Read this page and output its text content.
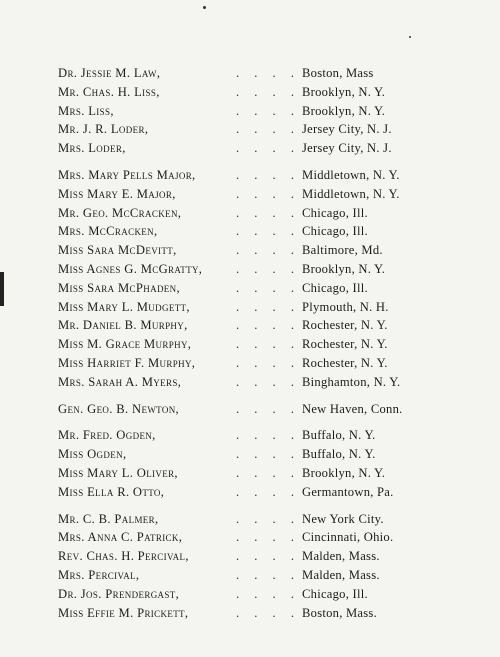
Dr. Jessie M. Law,	. . . . Boston, Mass
Mr. Chas. H. Liss,	. . . . Brooklyn, N. Y.
Mrs. Liss,	. . . . Brooklyn, N. Y.
Mr. J. R. Loder,	. . . . Jersey City, N. J.
Mrs. Loder,	. . . . Jersey City, N. J.
Mrs. Mary Pells Major,	. . . . Middletown, N. Y.
Miss Mary E. Major,	. . . . Middletown, N. Y.
Mr. Geo. McCracken,	. . . . Chicago, Ill.
Mrs. McCracken,	. . . . Chicago, Ill.
Miss Sara McDevitt,	. . . . Baltimore, Md.
Miss Agnes G. McGratty,	. . . . Brooklyn, N. Y.
Miss Sara McPhaden,	. . . . Chicago, Ill.
Miss Mary L. Mudgett,	. . . . Plymouth, N. H.
Mr. Daniel B. Murphy,	. . . . Rochester, N. Y.
Miss M. Grace Murphy,	. . . . Rochester, N. Y.
Miss Harriet F. Murphy,	. . . . Rochester, N. Y.
Mrs. Sarah A. Myers,	. . . . Binghamton, N. Y.
Gen. Geo. B. Newton,	. . . . New Haven, Conn.
Mr. Fred. Ogden,	. . . . Buffalo, N. Y.
Miss Ogden,	. . . . Buffalo, N. Y.
Miss Mary L. Oliver,	. . . . Brooklyn, N. Y.
Miss Ella R. Otto,	. . . . Germantown, Pa.
Mr. C. B. Palmer,	. . . . New York City.
Mrs. Anna C. Patrick,	. . . . Cincinnati, Ohio.
Rev. Chas. H. Percival,	. . . . Malden, Mass.
Mrs. Percival,	. . . . Malden, Mass.
Dr. Jos. Prendergast,	. . . . Chicago, Ill.
Miss Effie M. Prickett,	. . . . Boston, Mass.
